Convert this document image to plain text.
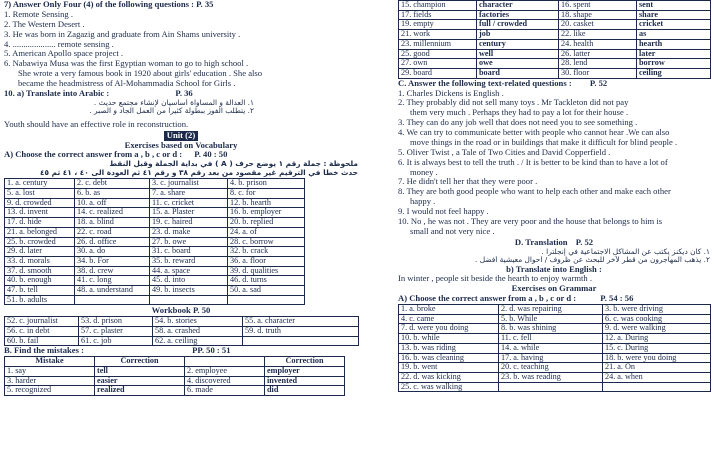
7) Answer Only Four (4) of the following questions : P. 35
1. Remote Sensing .
2. The Western Desert .
3. He was born in Zagazig and graduate from Ain Shams university .
4. .................... remote sensing .
5. American Apollo space project .
6. Nabawiya Musa was the first Egyptian woman to go to high school .
She wrote a very famous book in 1920 about girls' education . She also
became the headmistress of Al-Mohammadia School for Girls .
10. a) Translate into Arabic :	P. 36
١. العدالة و المساواة أساسيان لإنشاء مجتمع حديث .
٢. يتطلب الفوز ببطولة كثيراً من العمل الجاد و الصبر .
Youth should have an effective role in reconstruction.
Unit (2)
Exercises based on Vocabulary
A) Choose the correct answer from a , b , c or d : P. 40 : 50
ملحوظة : جملة رقم ١ يوضع حرف ( A ) في بداية الجملة وقبل النقط
حدث خطأ في الترقيم غير مقصود من بعد رقم ٣٨ و رقم ٤١ ثم العودة الى ٤٠ ، ٤١ ثم ٤٥
1. a. century	2. c. debt	3. c. journalist	4. b. prison
5. a. lost	6. b. as	7. a. share	8. c. for
9. d. crowded	10. a. off	11. c. cricket	12. b. hearth
13. d. invent	14. c. realized	15. a. Plaster	16. b. employer
17. d. hide	18. a. blind	19. c. haired	20. b. replied
21. a. belonged	22. c. road	23. d. make	24. a. of
25. b. crowded	26. d. office	27. b. owe	28. c. borrow
29. d. later	30. a. do	31. c. board	32. b. crack
33. d. morals	34. b. For	35. b. reward	36. a. floor
37. d. smooth	38. d. crew	44. a. space	39. d. qualities
40. b. enough	41. c. long	45. d. into	46. d. turns
47. b. tell	48. a. understand	49. b. insects	50. a. sad
51. b. adults			
Workbook P. 50
52. c. journalist	53. d. prison	54. b. stories	55. a. character
56. c. in debt	57. c. plaster	58. a. crashed	59. d. truth
60. b. fail	61. c. job	62. a. ceiling	
B. Find the mistakes :	PP. 50 : 51
Mistake	Correction		Correction
1. say	tell	2. employee	employer
3. harder	easier	4. discovered	invented
5. recognized	realized	6. made	did
15. champion	character	16. spent	sent
17. fields	factories	18. shape	share
19. empty	full / crowded	20. casket	cricket
21. work	job	22. like	as
23. millennium	century	24. health	hearth
25. good	well	26. latter	later
27. own	owe	28. lend	borrow
29. board	board	30. floor	ceiling
C. Answer the following text-related questions : P. 52
1. Charles Dickens is English .
2. They probably did not sell many toys . Mr Tackleton did not pay
them very much . Perhaps they had to pay a lot for their house .
3. They can do any job well that does not need you to see something .
4. We can try to communicate better with people who cannot hear .We can also
move things in the road or in buildings that make it difficult for blind people .
5. Oliver Twist , a Tale of Two Cities and David Copperfield .
6. It is always best to tell the truth . / It is better to be kind than to have a lot of
money .
7. He didn't tell her that they were poor .
8. They are both good people who want to help each other and make each other
happy .
9. I would not feel happy .
10. No , he was not . They are very poor and the house that belongs to him is
small and not very nice .
D. Translation P. 52
١. كان ديكنز يكتب عن المشاكل الاجتماعية في إنجلترا .
٢. يذهب المهاجرون من قطر لآخر للبحث عن ظروف / أحوال معيشية أفضل .
b) Translate into English :
In winter , people sit beside the hearth to enjoy warmth .
Exercises on Grammar
A) Choose the correct answer from a , b , c or d :	P. 54 : 56
1. a. broke	2. d. was repairing	3. b. were driving
4. c. came	5. b. While	6. c. was cooking
7. d. were you doing	8. b. was shining	9. d. were walking
10. b. while	11. c. fell	12. a. During
13. b. was riding	14. a. while	15. c. During
16. b. was cleaning	17. a. having	18. b. were you doing
19. b. went	20. c. teaching	21. a. On
22. d. was kicking	23. b. was reading	24. a. when
25. c. was walking		
